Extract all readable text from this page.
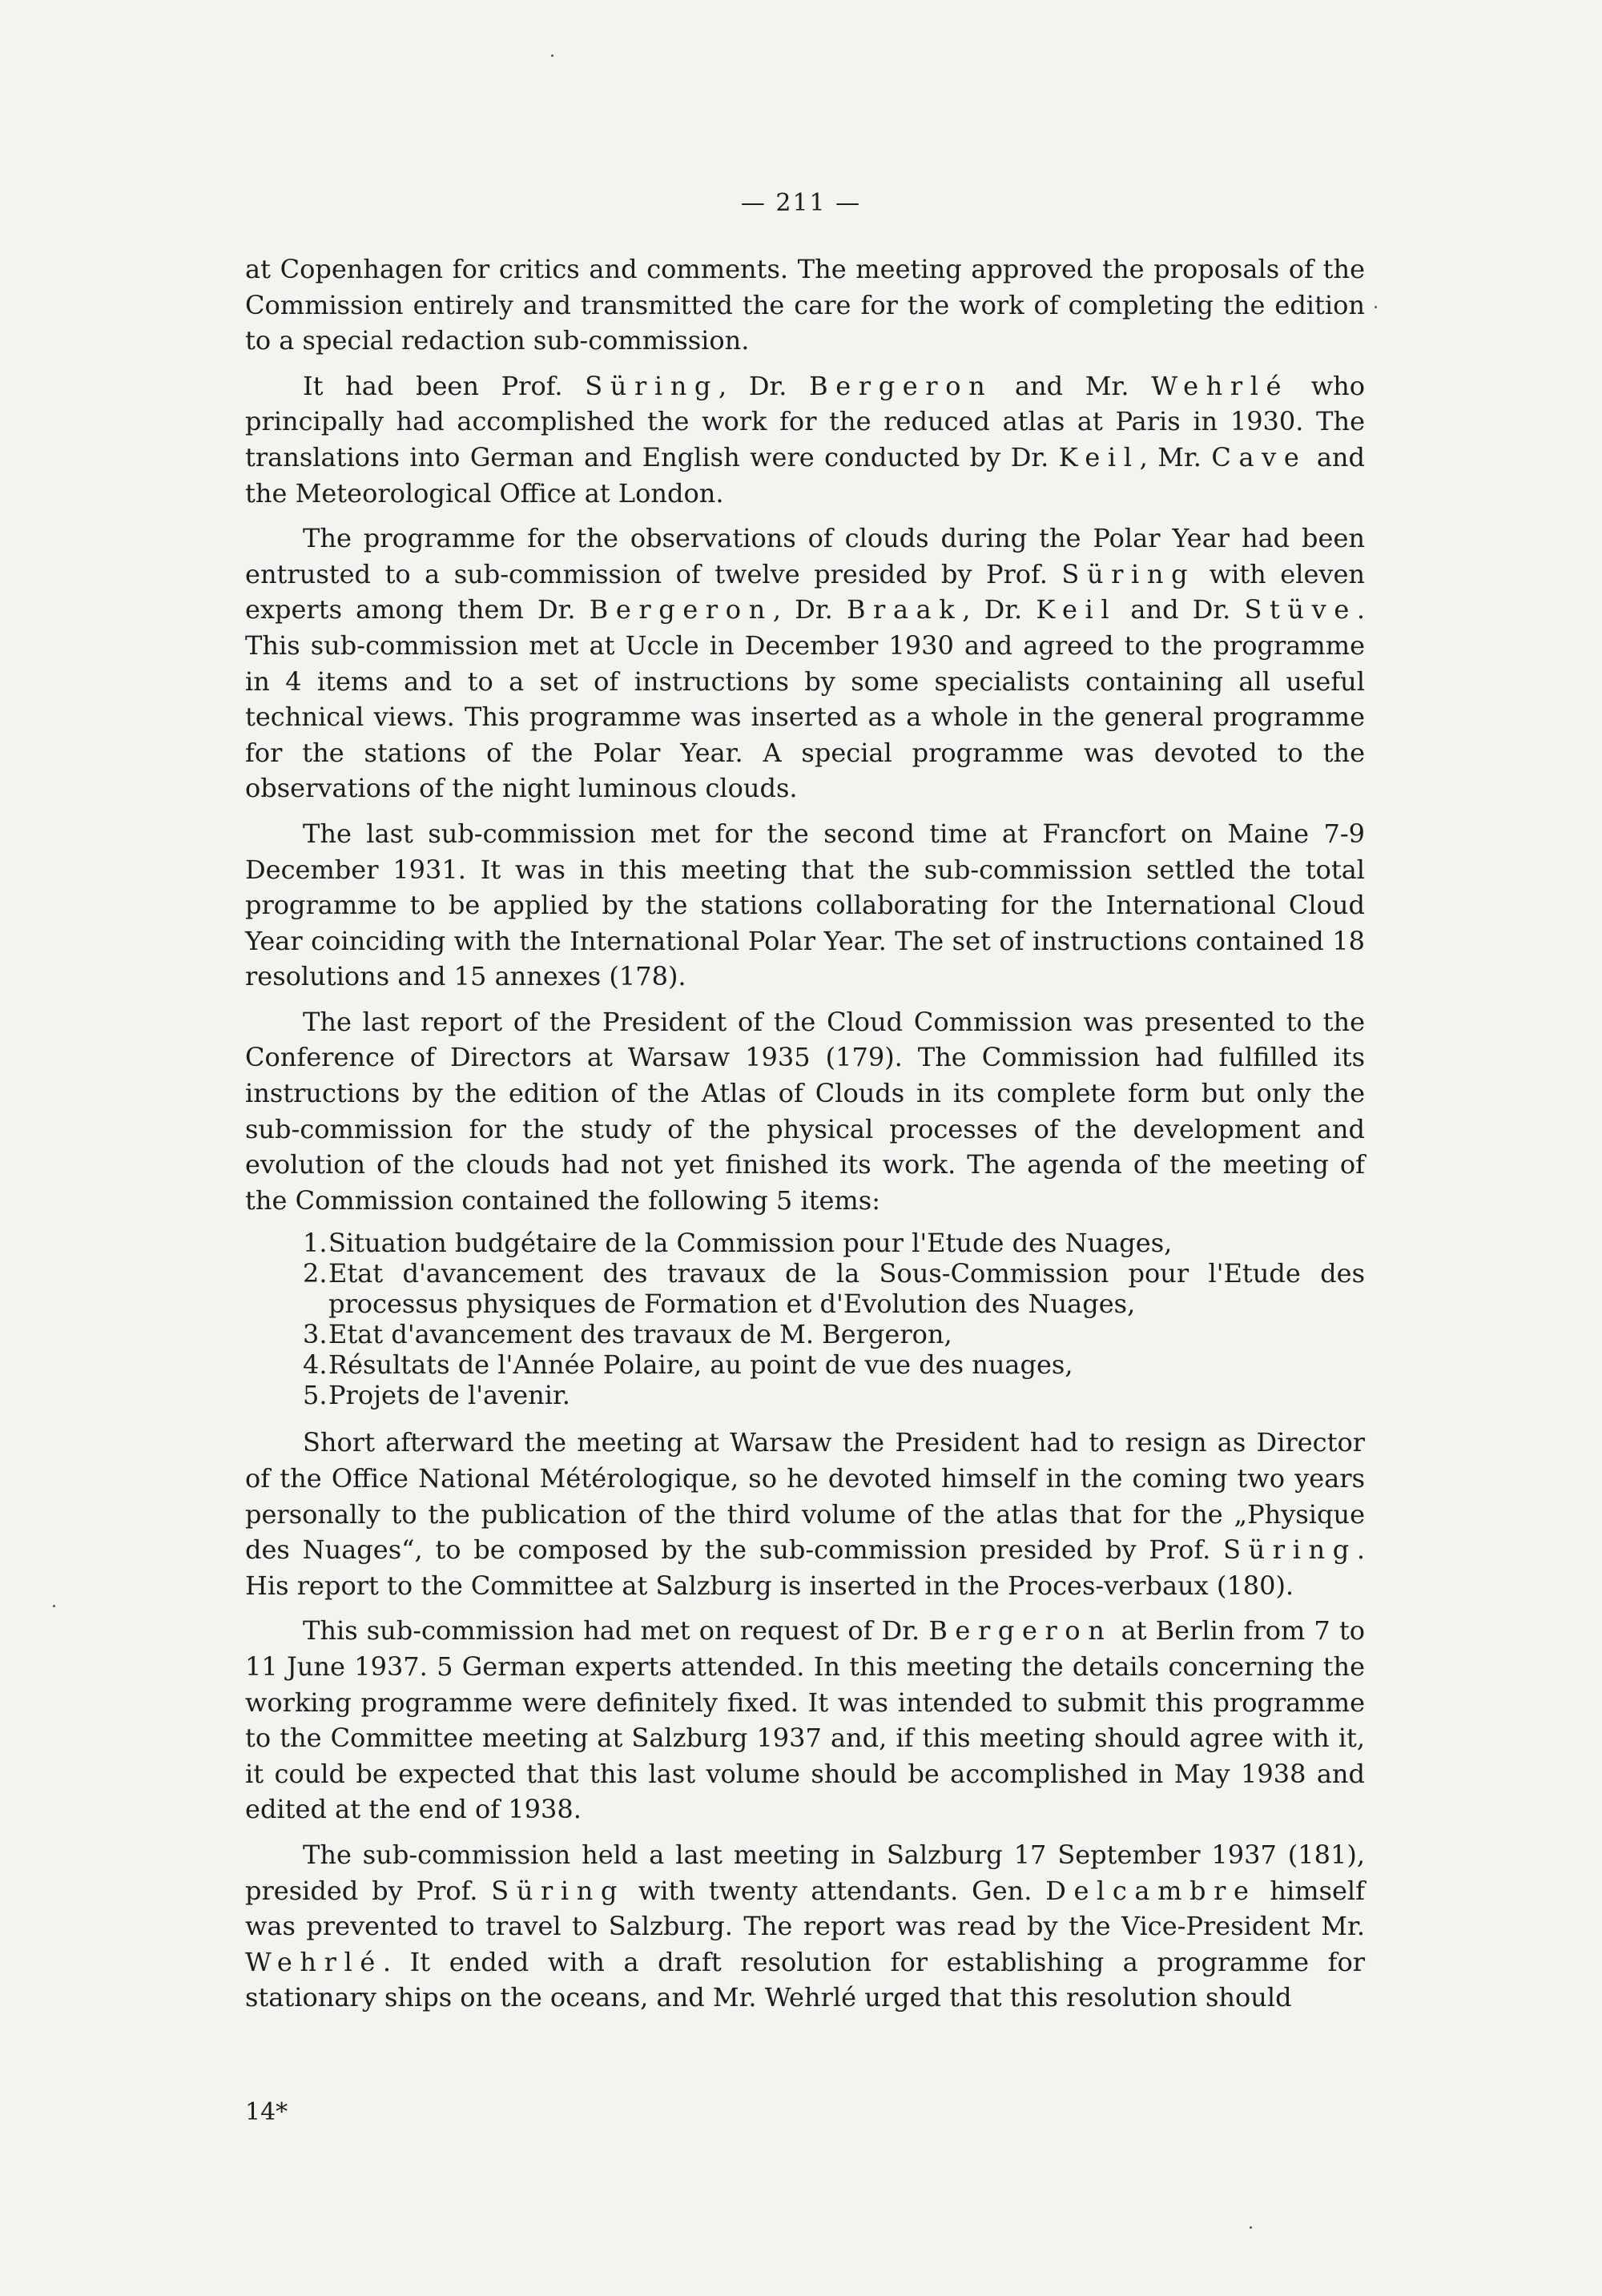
— 211 —

at Copenhagen for critics and comments. The meeting approved the proposals of the Commission entirely and transmitted the care for the work of completing the edition to a special redaction sub-commission.

It had been Prof. Süring, Dr. Bergeron and Mr. Wehrlé who principally had accomplished the work for the reduced atlas at Paris in 1930. The translations into German and English were conducted by Dr. Keil, Mr. Cave and the Meteorological Office at London.

The programme for the observations of clouds during the Polar Year had been entrusted to a sub-commission of twelve presided by Prof. Süring with eleven experts among them Dr. Bergeron, Dr. Braak, Dr. Keil and Dr. Stüve. This sub-commission met at Uccle in December 1930 and agreed to the programme in 4 items and to a set of instructions by some specialists containing all useful technical views. This programme was inserted as a whole in the general programme for the stations of the Polar Year. A special programme was devoted to the observations of the night luminous clouds.

The last sub-commission met for the second time at Francfort on Maine 7-9 December 1931. It was in this meeting that the sub-commission settled the total programme to be applied by the stations collaborating for the International Cloud Year coinciding with the International Polar Year. The set of instructions contained 18 resolutions and 15 annexes (178).

The last report of the President of the Cloud Commission was presented to the Conference of Directors at Warsaw 1935 (179). The Commission had fulfilled its instructions by the edition of the Atlas of Clouds in its complete form but only the sub-commission for the study of the physical processes of the development and evolution of the clouds had not yet finished its work. The agenda of the meeting of the Commission contained the following 5 items:

1. Situation budgétaire de la Commission pour l'Etude des Nuages,
2. Etat d'avancement des travaux de la Sous-Commission pour l'Etude des processus physiques de Formation et d'Evolution des Nuages,
3. Etat d'avancement des travaux de M. Bergeron,
4. Résultats de l'Année Polaire, au point de vue des nuages,
5. Projets de l'avenir.

Short afterward the meeting at Warsaw the President had to resign as Director of the Office National Métérologique, so he devoted himself in the coming two years personally to the publication of the third volume of the atlas that for the „Physique des Nuages“, to be composed by the sub-commission presided by Prof. Süring. His report to the Committee at Salzburg is inserted in the Proces-verbaux (180).

This sub-commission had met on request of Dr. Bergeron at Berlin from 7 to 11 June 1937. 5 German experts attended. In this meeting the details concerning the working programme were definitely fixed. It was intended to submit this programme to the Committee meeting at Salzburg 1937 and, if this meeting should agree with it, it could be expected that this last volume should be accomplished in May 1938 and edited at the end of 1938.

The sub-commission held a last meeting in Salzburg 17 September 1937 (181), presided by Prof. Süring with twenty attendants. Gen. Delcambre himself was prevented to travel to Salzburg. The report was read by the Vice-President Mr. Wehrlé. It ended with a draft resolution for establishing a programme for stationary ships on the oceans, and Mr. Wehrlé urged that this resolution should

14*
